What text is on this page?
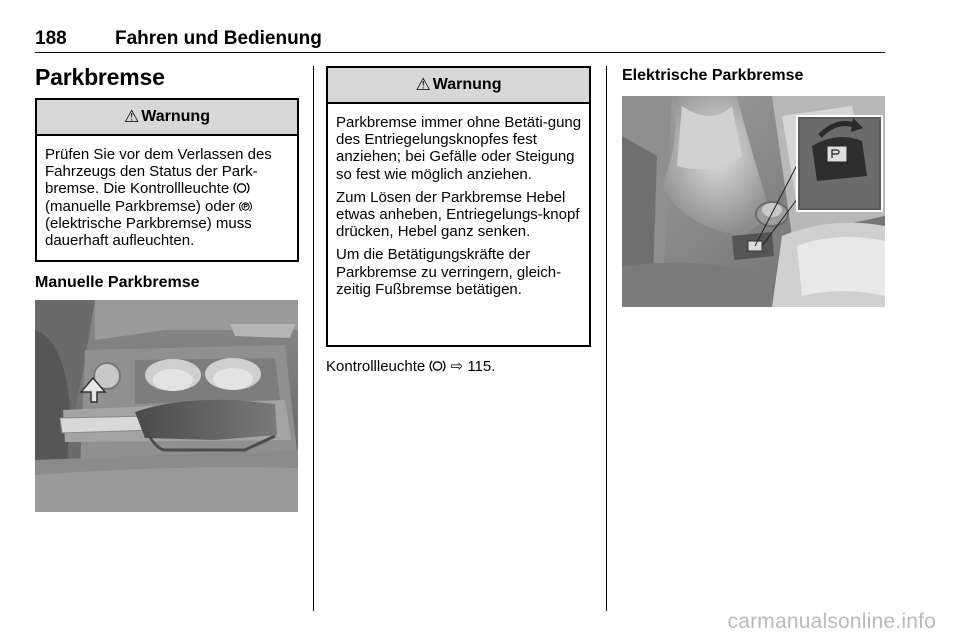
188	Fahren und Bedienung
Parkbremse
⚠ Warnung
Prüfen Sie vor dem Verlassen des Fahrzeugs den Status der Park-bremse. Die Kontrollleuchte
(manuelle Parkbremse) oder  (elektrische Parkbremse) muss dauerhaft aufleuchten.
Manuelle Parkbremse
⚠ Warnung

Parkbremse immer ohne Betäti-gung des Entriegelungsknopfes fest anziehen; bei Gefälle oder Steigung so fest wie möglich anziehen.

Zum Lösen der Parkbremse Hebel etwas anheben, Entriegelungs-knopf drücken, Hebel ganz senken.

Um die Betätigungskräfte der Parkbremse zu verringern, gleich-zeitig Fußbremse betätigen.

Kontrollleuchte ⇨ 115.
Elektrische Parkbremse
carmanualsonline.info
